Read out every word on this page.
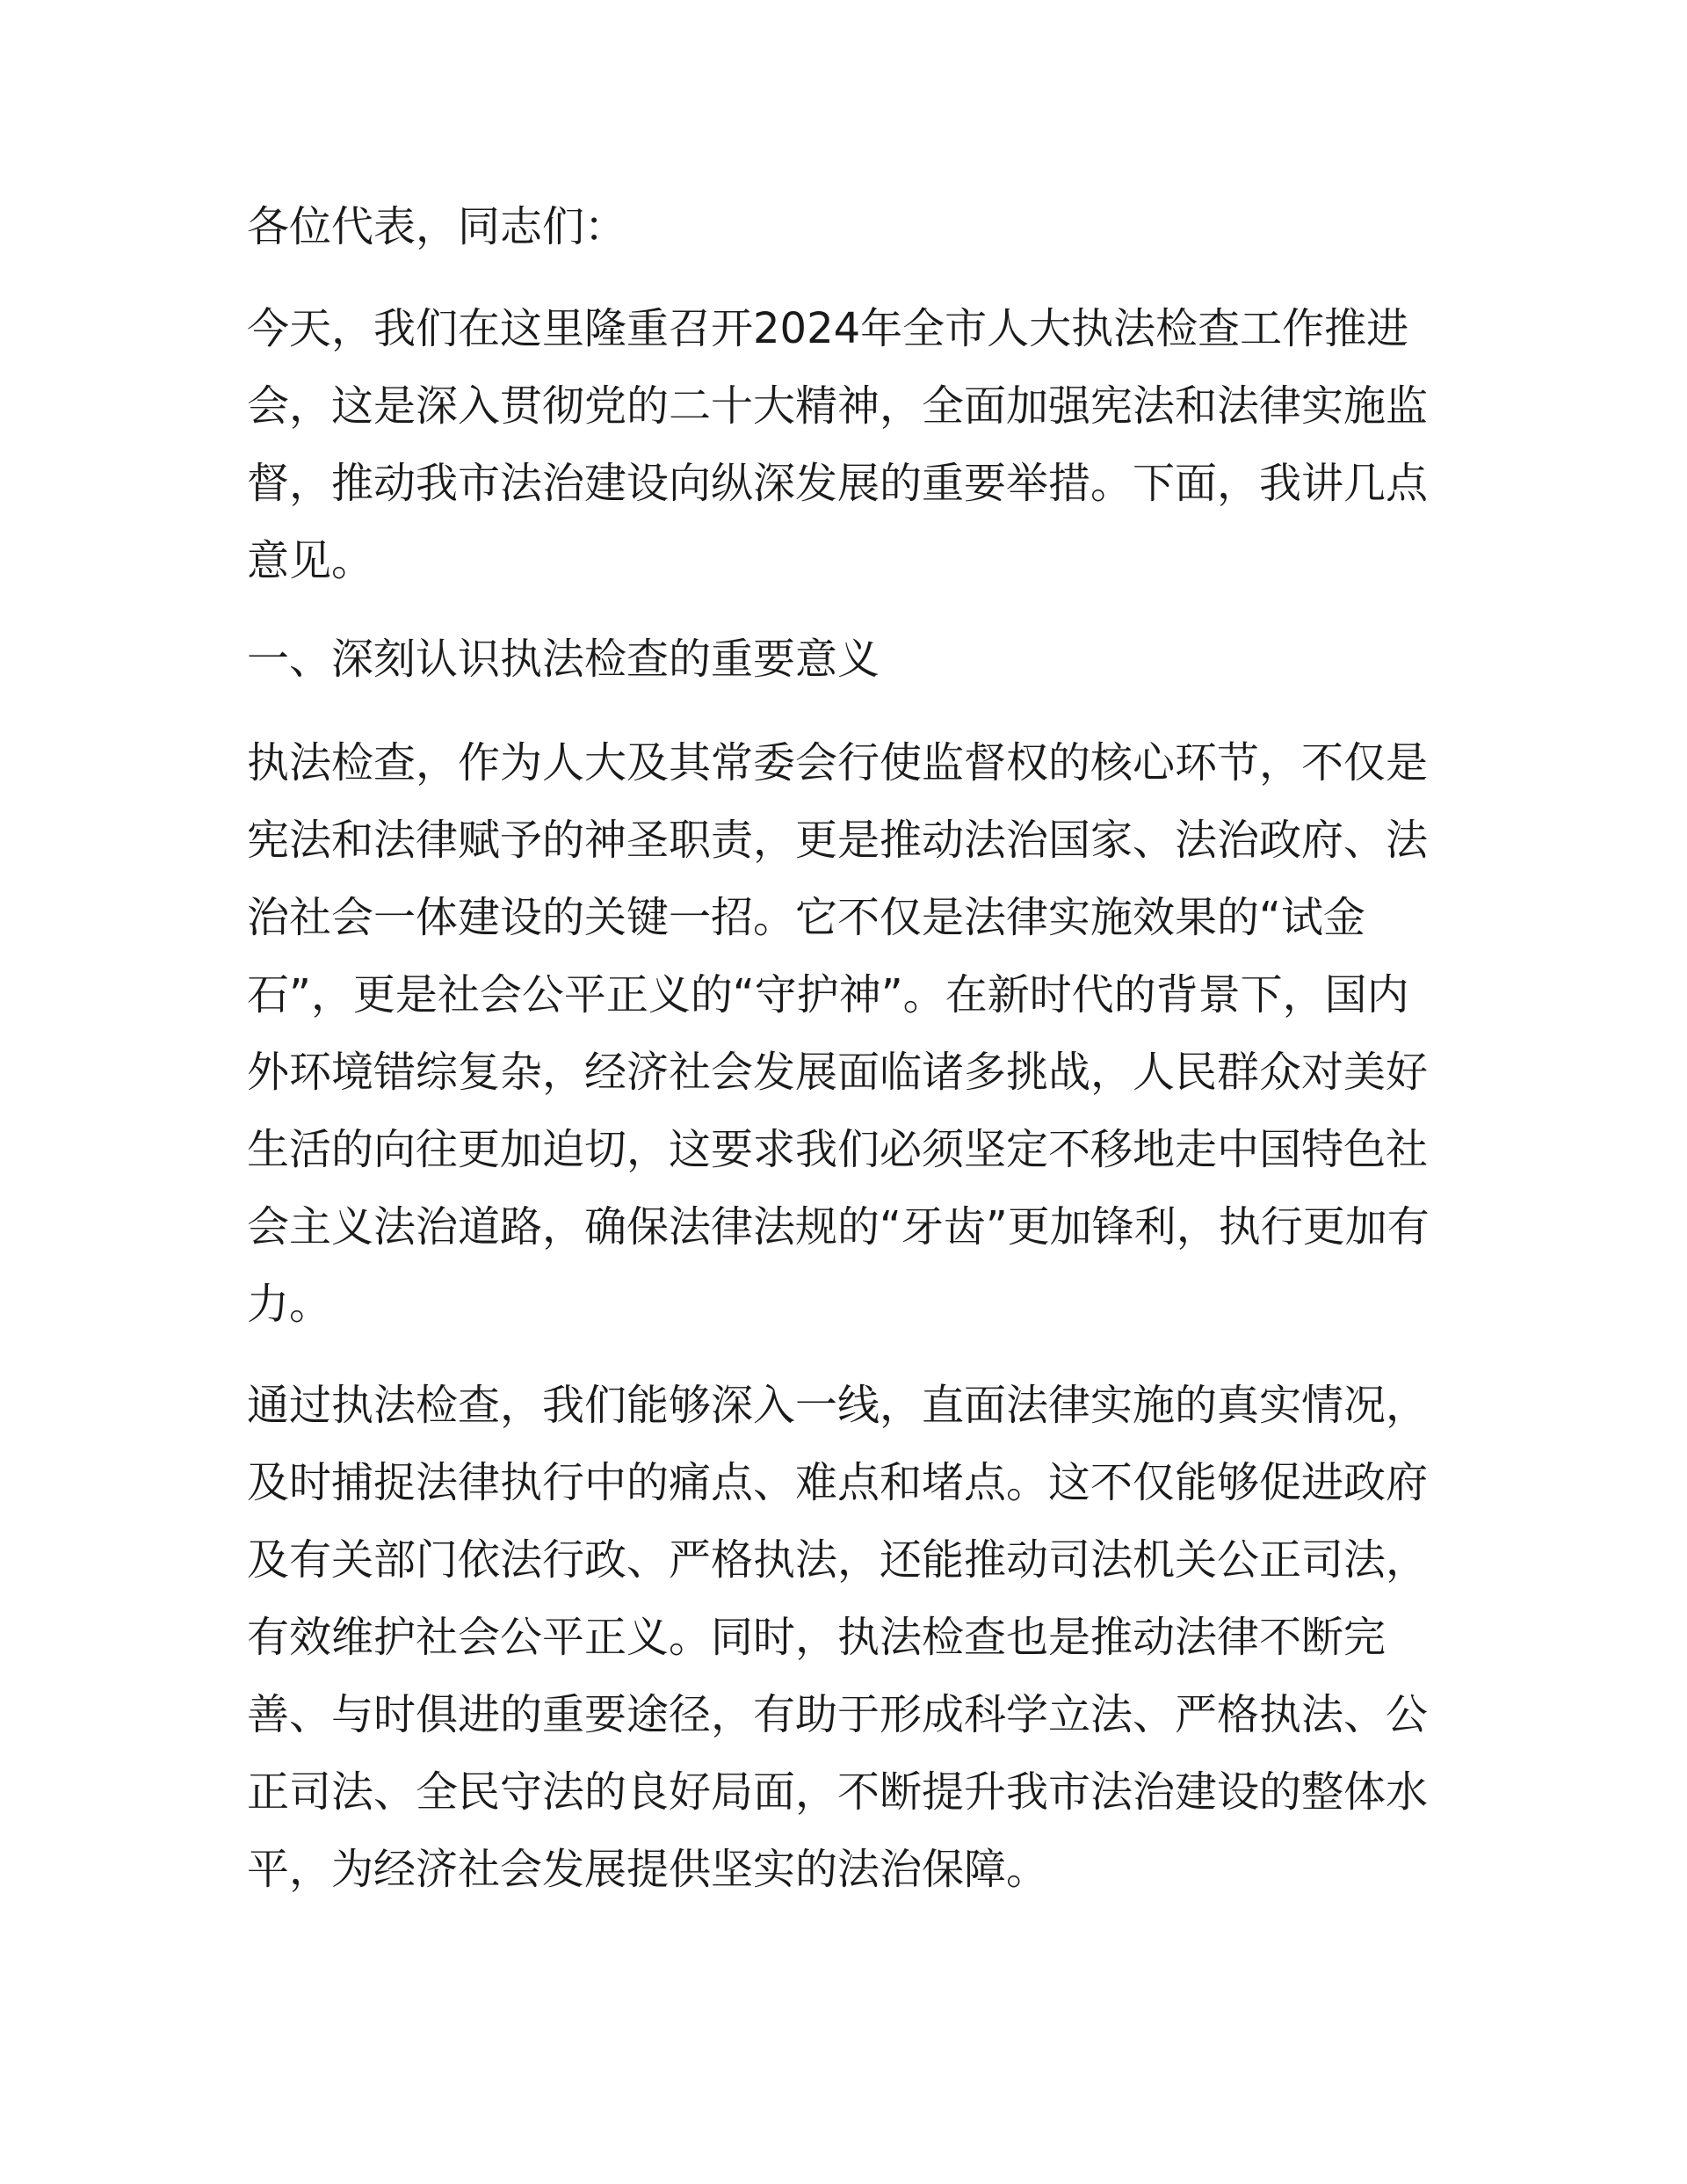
各位代表，同志们：

今天，我们在这里隆重召开2024年全市人大执法检查工作推进会，这是深入贯彻党的二十大精神，全面加强宪法和法律实施监督，推动我市法治建设向纵深发展的重要举措。下面，我讲几点意见。

一、深刻认识执法检查的重要意义

执法检查，作为人大及其常委会行使监督权的核心环节，不仅是宪法和法律赋予的神圣职责，更是推动法治国家、法治政府、法治社会一体建设的关键一招。它不仅是法律实施效果的“试金石”，更是社会公平正义的“守护神”。在新时代的背景下，国内外环境错综复杂，经济社会发展面临诸多挑战，人民群众对美好生活的向往更加迫切，这要求我们必须坚定不移地走中国特色社会主义法治道路，确保法律法规的“牙齿”更加锋利，执行更加有力。

通过执法检查，我们能够深入一线，直面法律实施的真实情况，及时捕捉法律执行中的痛点、难点和堵点。这不仅能够促进政府及有关部门依法行政、严格执法，还能推动司法机关公正司法，有效维护社会公平正义。同时，执法检查也是推动法律不断完善、与时俱进的重要途径，有助于形成科学立法、严格执法、公正司法、全民守法的良好局面，不断提升我市法治建设的整体水平，为经济社会发展提供坚实的法治保障。
